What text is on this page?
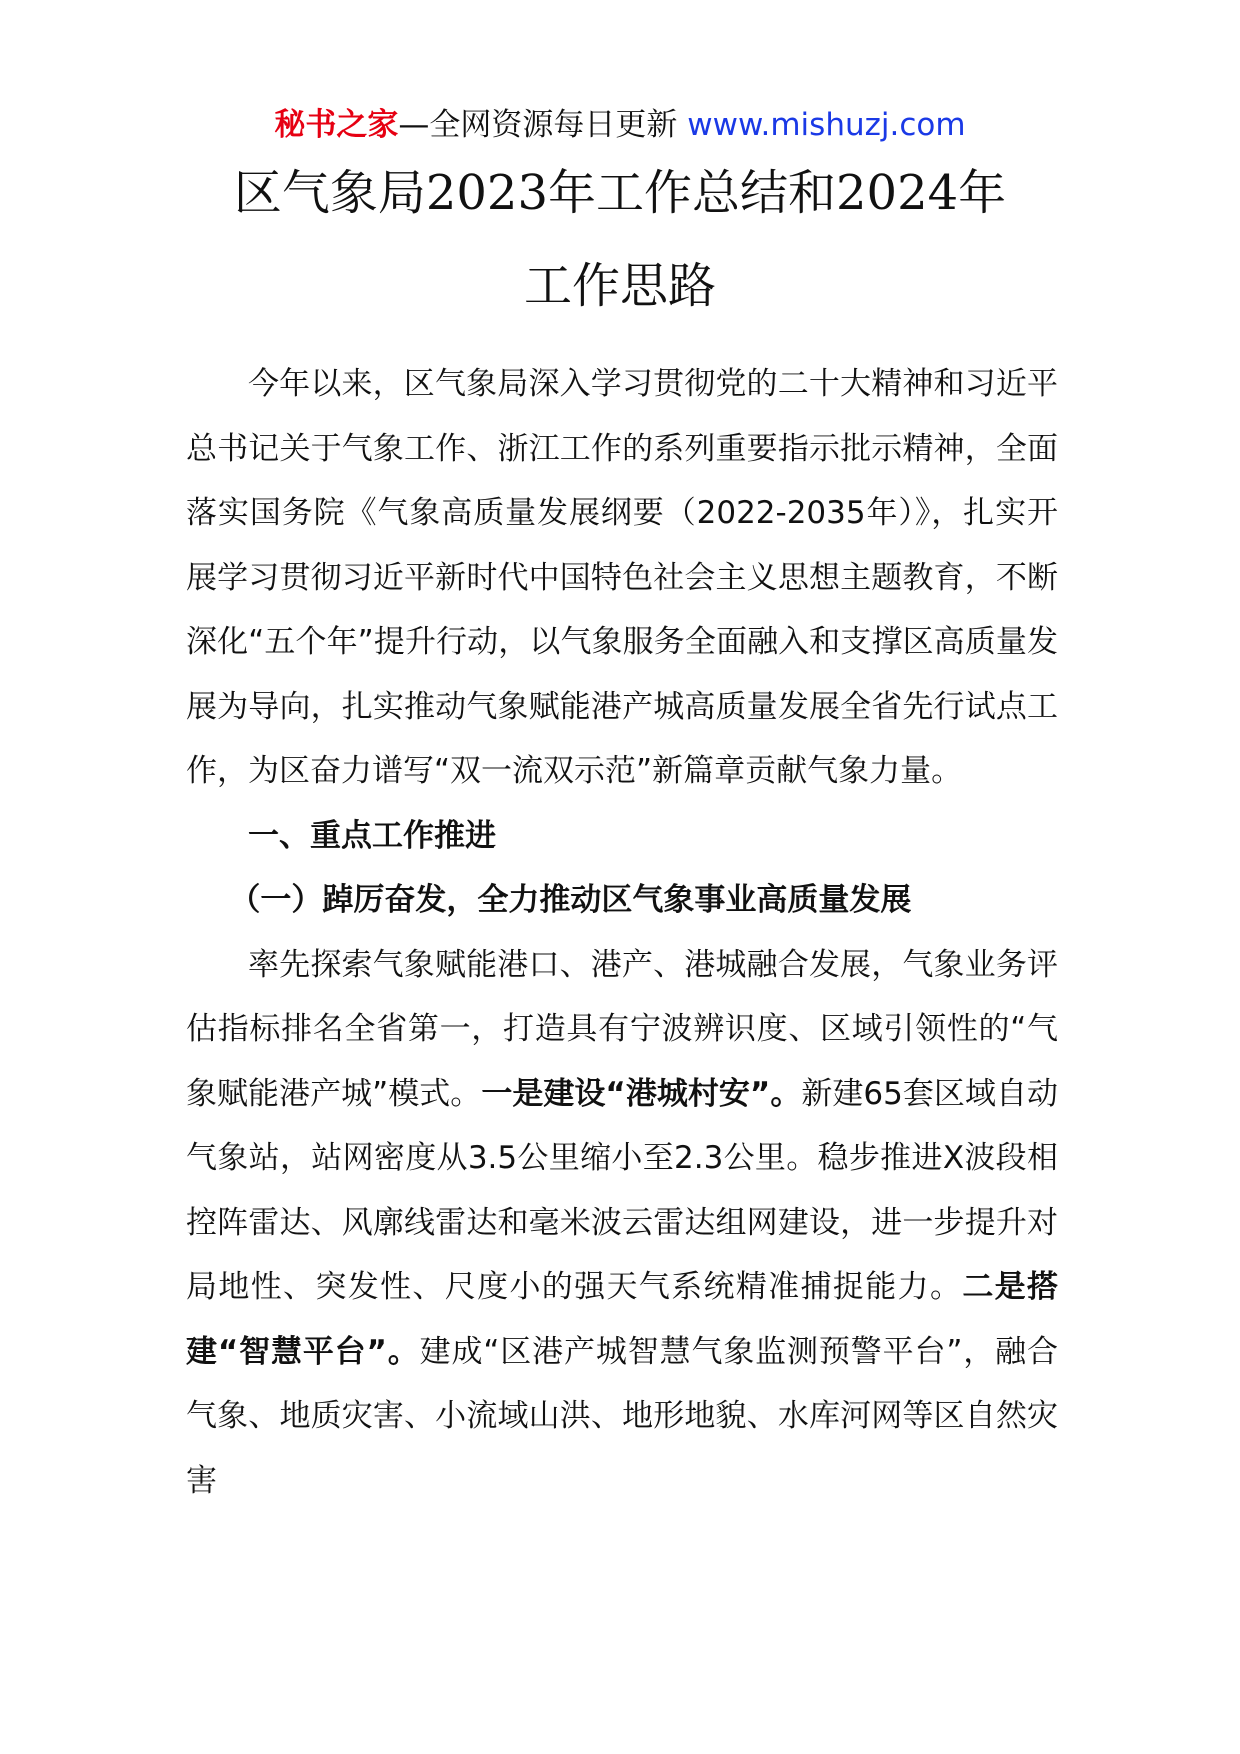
秘书之家—全网资源每日更新 www.mishuzj.com
区气象局2023年工作总结和2024年
工作思路

今年以来，区气象局深入学习贯彻党的二十大精神和习近平总书记关于气象工作、浙江工作的系列重要指示批示精神，全面落实国务院《气象高质量发展纲要（2022-2035年）》，扎实开展学习贯彻习近平新时代中国特色社会主义思想主题教育，不断深化“五个年”提升行动，以气象服务全面融入和支撑区高质量发展为导向，扎实推动气象赋能港产城高质量发展全省先行试点工作，为区奋力谱写“双一流双示范”新篇章贡献气象力量。

一、重点工作推进

（一）踔厉奋发，全力推动区气象事业高质量发展

率先探索气象赋能港口、港产、港城融合发展，气象业务评估指标排名全省第一，打造具有宁波辨识度、区域引领性的“气象赋能港产城”模式。一是建设“港城村安”。新建65套区域自动气象站，站网密度从3.5公里缩小至2.3公里。稳步推进X波段相控阵雷达、风廓线雷达和毫米波云雷达组网建设，进一步提升对局地性、突发性、尺度小的强天气系统精准捕捉能力。二是搭建“智慧平台”。建成“区港产城智慧气象监测预警平台”，融合气象、地质灾害、小流域山洪、地形地貌、水库河网等区自然灾害
